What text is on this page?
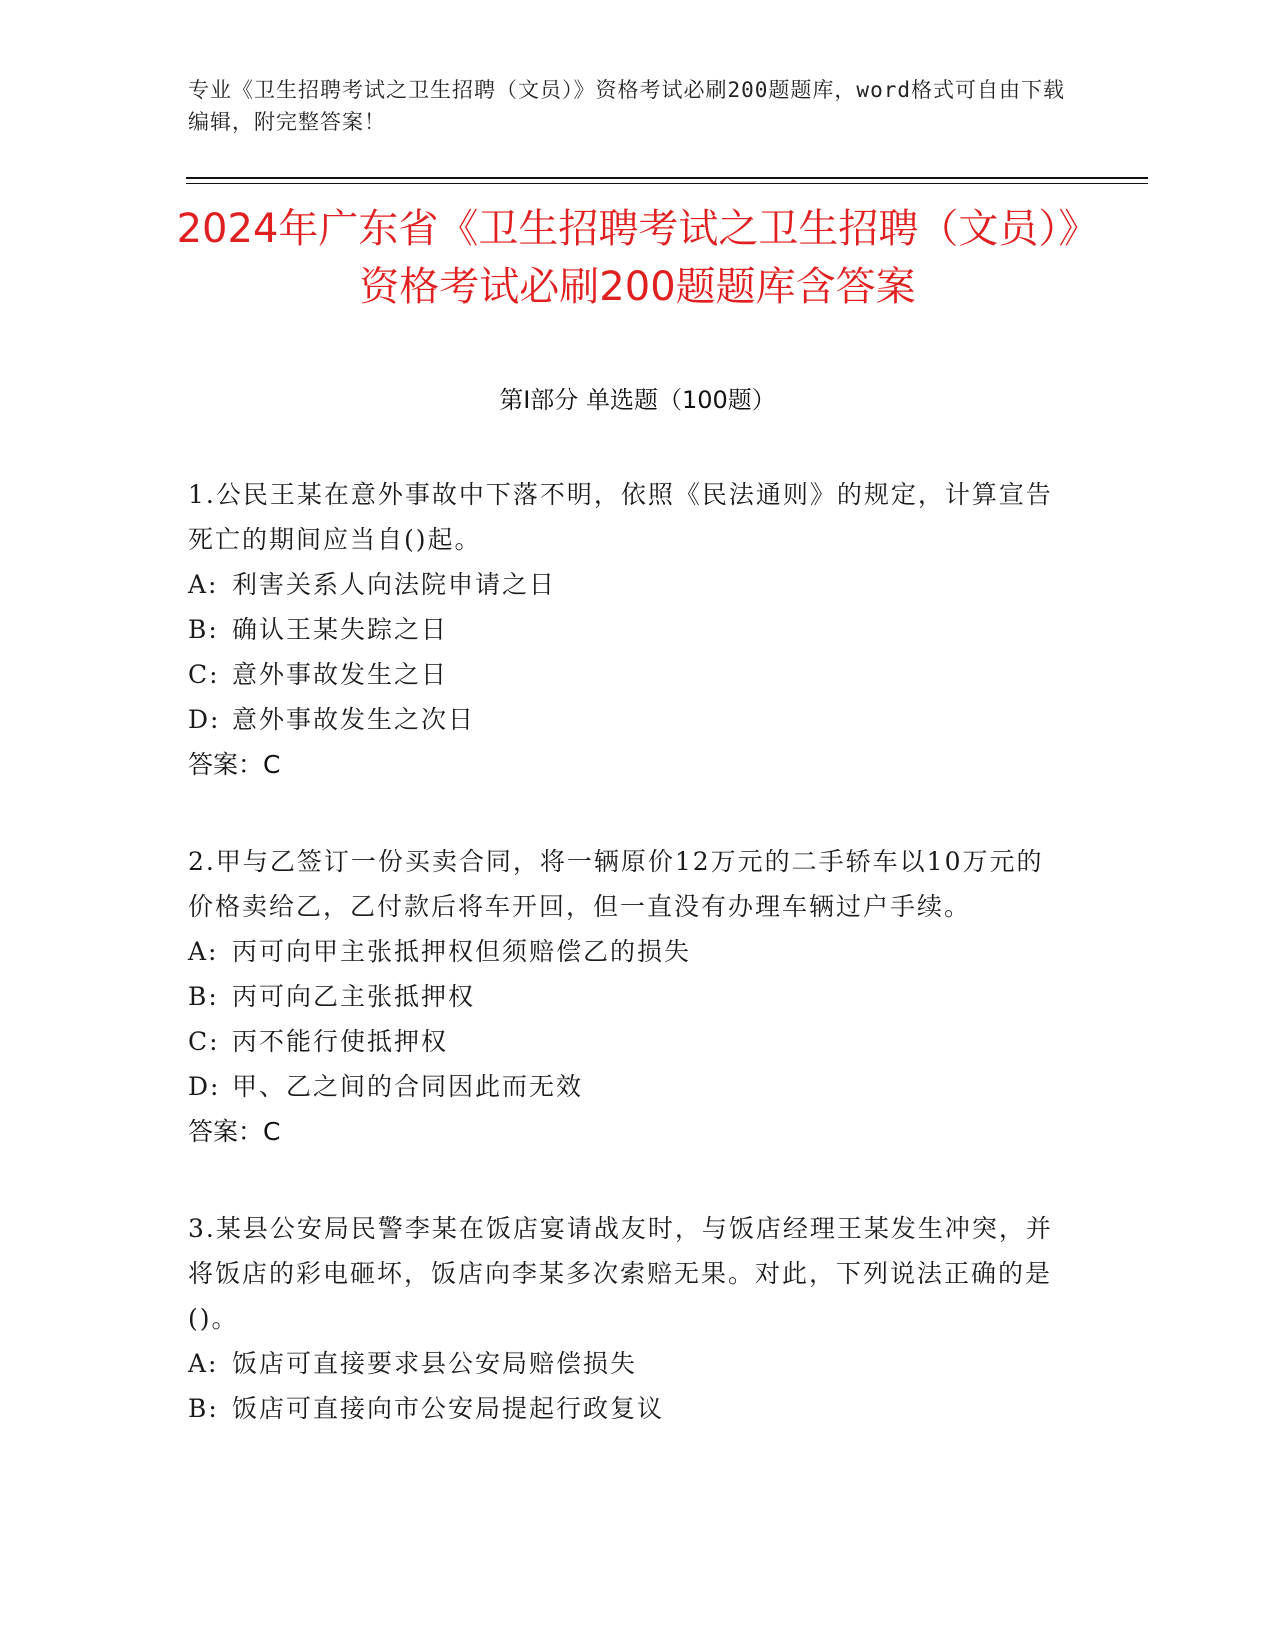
专业《卫生招聘考试之卫生招聘（文员）》资格考试必刷200题题库，word格式可自由下载编辑，附完整答案！
2024年广东省《卫生招聘考试之卫生招聘（文员）》资格考试必刷200题题库含答案
第I部分 单选题（100题）
1.公民王某在意外事故中下落不明，依照《民法通则》的规定，计算宣告死亡的期间应当自()起。
A: 利害关系人向法院申请之日
B: 确认王某失踪之日
C: 意外事故发生之日
D: 意外事故发生之次日
答案：C
2.甲与乙签订一份买卖合同，将一辆原价12万元的二手轿车以10万元的价格卖给乙，乙付款后将车开回，但一直没有办理车辆过户手续。
A: 丙可向甲主张抵押权但须赔偿乙的损失
B: 丙可向乙主张抵押权
C: 丙不能行使抵押权
D: 甲、乙之间的合同因此而无效
答案：C
3.某县公安局民警李某在饭店宴请战友时，与饭店经理王某发生冲突，并将饭店的彩电砸坏，饭店向李某多次索赔无果。对此，下列说法正确的是()。
A: 饭店可直接要求县公安局赔偿损失
B: 饭店可直接向市公安局提起行政复议
